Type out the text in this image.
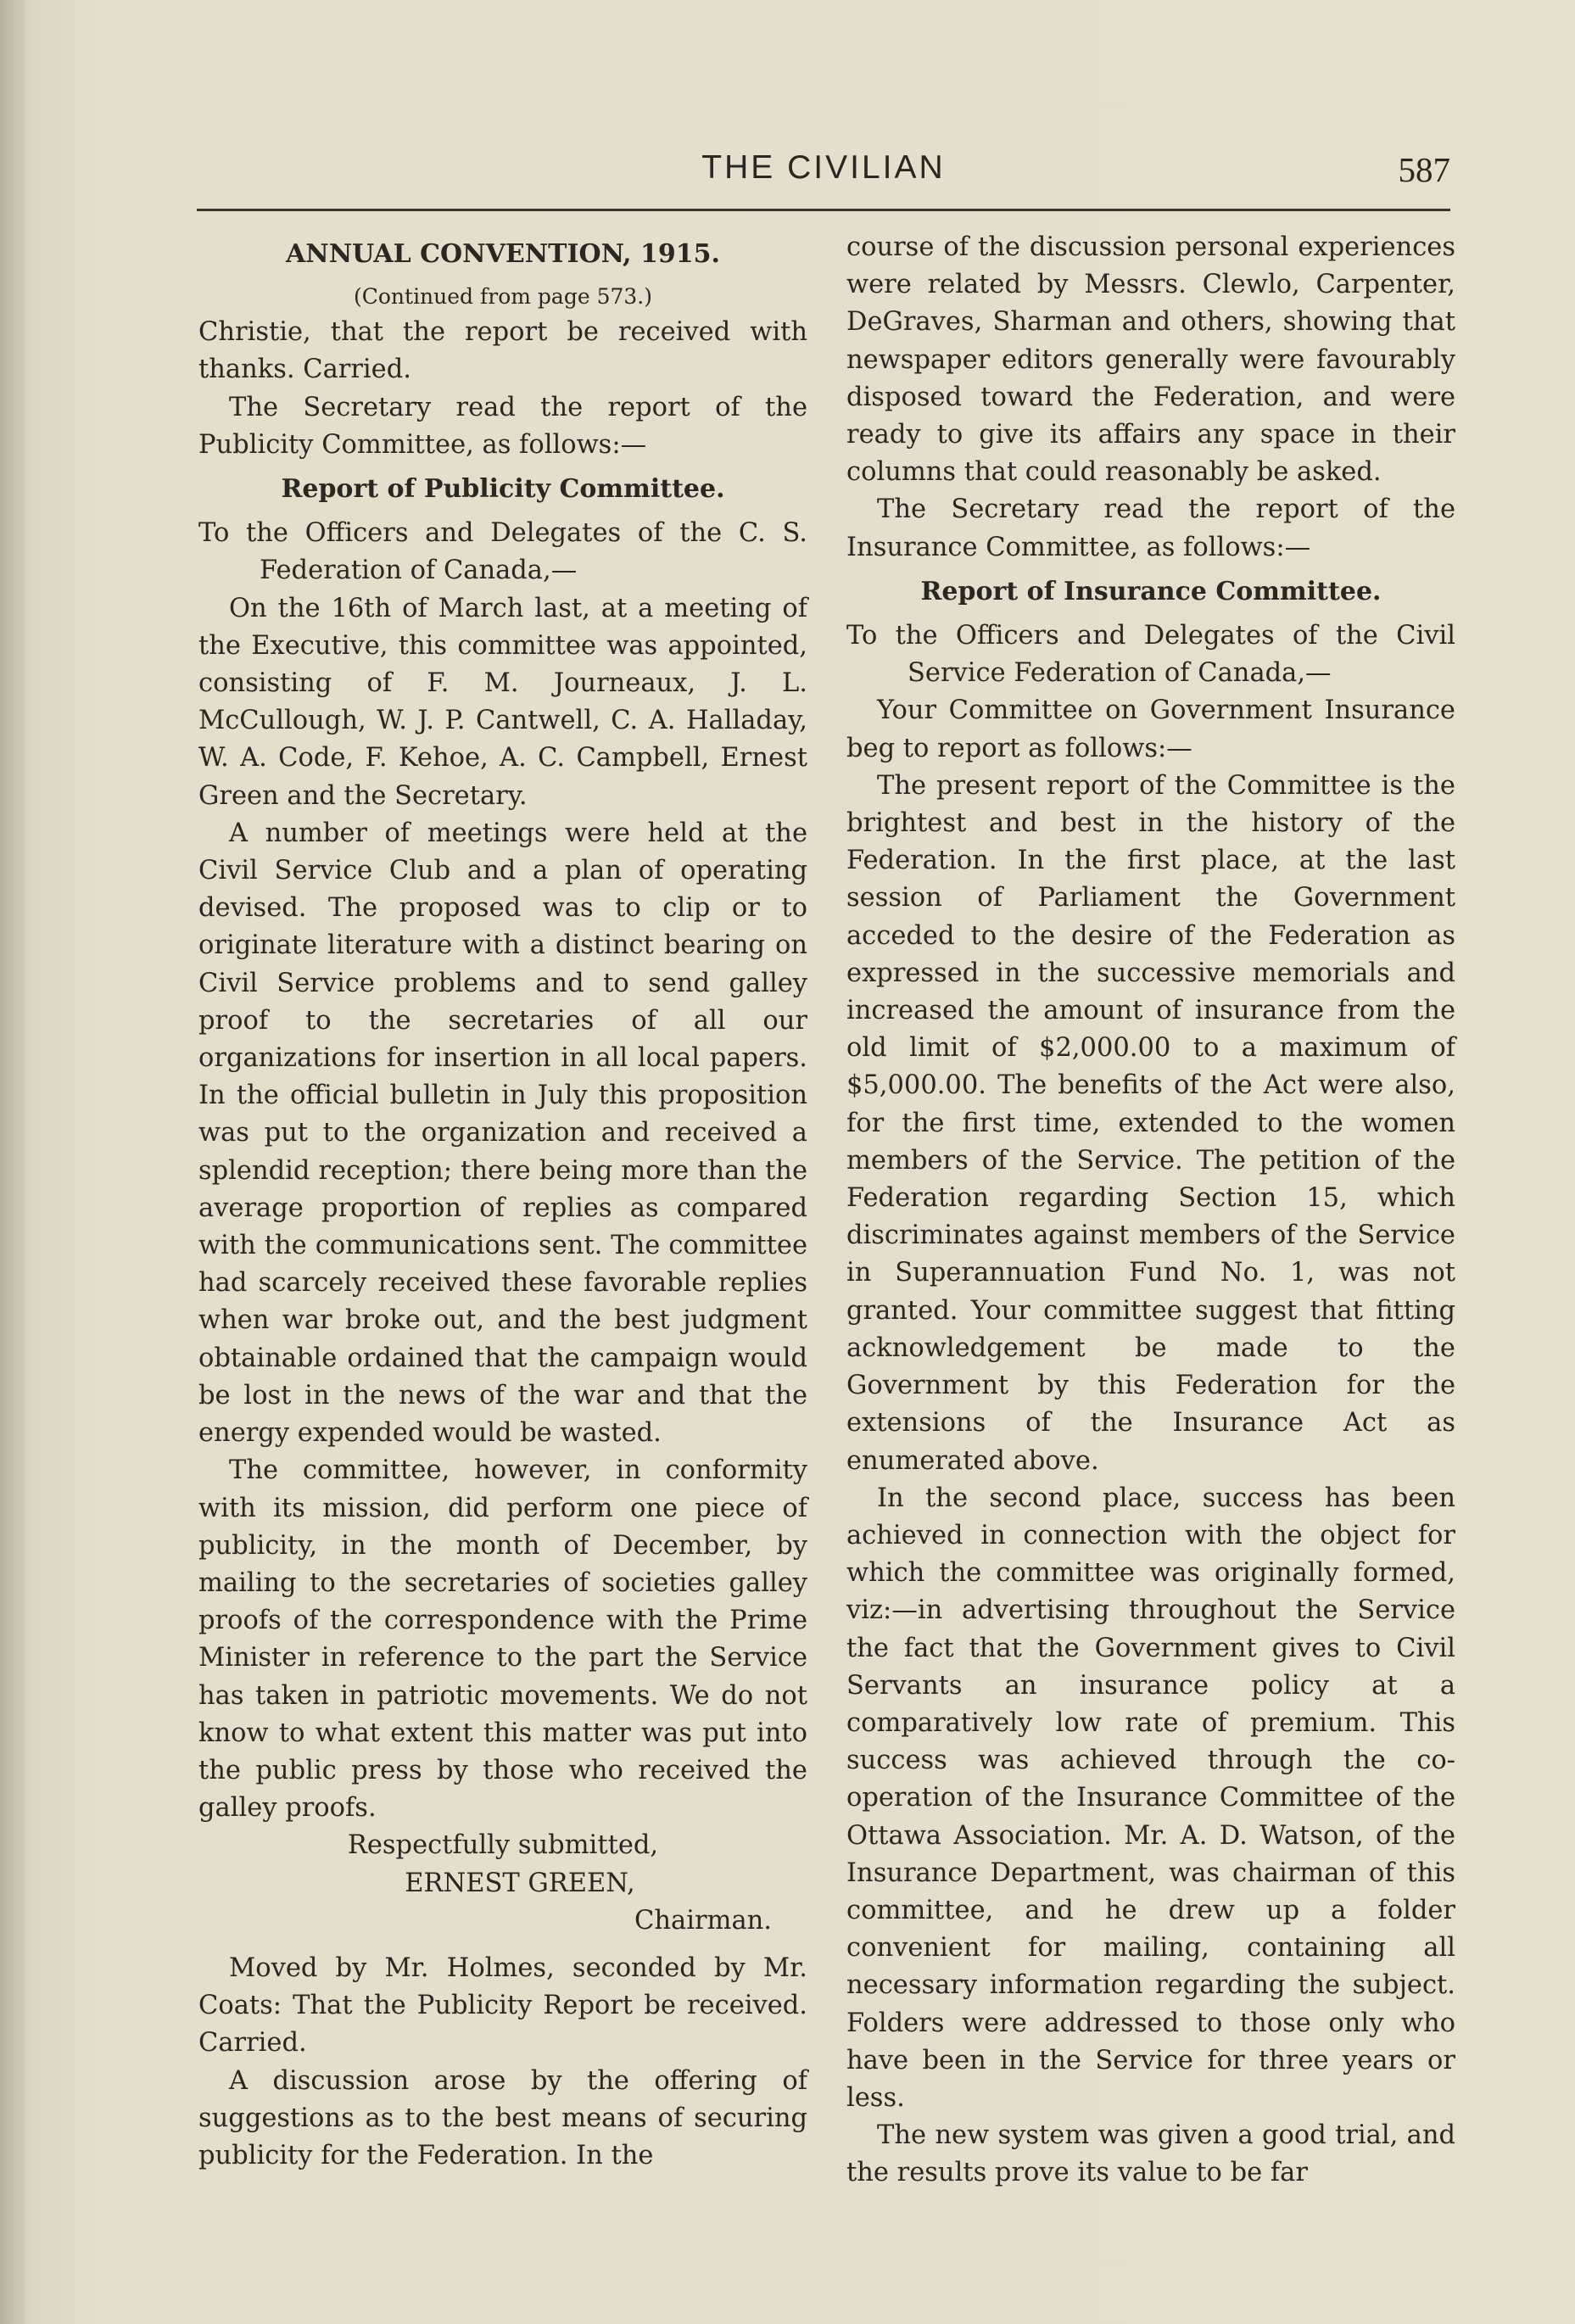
THE CIVILIAN	587

ANNUAL CONVENTION, 1915.

(Continued from page 573.)

Christie, that the report be received with thanks. Carried.

The Secretary read the report of the Publicity Committee, as follows:—

Report of Publicity Committee.

To the Officers and Delegates of the C. S. Federation of Canada,—

On the 16th of March last, at a meeting of the Executive, this committee was appointed, consisting of F. M. Journeaux, J. L. McCullough, W. J. P. Cantwell, C. A. Halladay, W. A. Code, F. Kehoe, A. C. Campbell, Ernest Green and the Secretary.

A number of meetings were held at the Civil Service Club and a plan of operating devised. The proposed was to clip or to originate literature with a distinct bearing on Civil Service problems and to send galley proof to the secretaries of all our organizations for insertion in all local papers. In the official bulletin in July this proposition was put to the organization and received a splendid reception; there being more than the average proportion of replies as compared with the communications sent. The committee had scarcely received these favorable replies when war broke out, and the best judgment obtainable ordained that the campaign would be lost in the news of the war and that the energy expended would be wasted.

The committee, however, in conformity with its mission, did perform one piece of publicity, in the month of December, by mailing to the secretaries of societies galley proofs of the correspondence with the Prime Minister in reference to the part the Service has taken in patriotic movements. We do not know to what extent this matter was put into the public press by those who received the galley proofs.

Respectfully submitted,

ERNEST GREEN,

Chairman.

Moved by Mr. Holmes, seconded by Mr. Coats: That the Publicity Report be received. Carried.

A discussion arose by the offering of suggestions as to the best means of securing publicity for the Federation. In the

course of the discussion personal experiences were related by Messrs. Clewlo, Carpenter, DeGraves, Sharman and others, showing that newspaper editors generally were favourably disposed toward the Federation, and were ready to give its affairs any space in their columns that could reasonably be asked.

The Secretary read the report of the Insurance Committee, as follows:—

Report of Insurance Committee.

To the Officers and Delegates of the Civil Service Federation of Canada,—

Your Committee on Government Insurance beg to report as follows:—

The present report of the Committee is the brightest and best in the history of the Federation. In the first place, at the last session of Parliament the Government acceded to the desire of the Federation as expressed in the successive memorials and increased the amount of insurance from the old limit of $2,000.00 to a maximum of $5,000.00. The benefits of the Act were also, for the first time, extended to the women members of the Service. The petition of the Federation regarding Section 15, which discriminates against members of the Service in Superannuation Fund No. 1, was not granted. Your committee suggest that fitting acknowledgement be made to the Government by this Federation for the extensions of the Insurance Act as enumerated above.

In the second place, success has been achieved in connection with the object for which the committee was originally formed, viz:—in advertising throughout the Service the fact that the Government gives to Civil Servants an insurance policy at a comparatively low rate of premium. This success was achieved through the co-operation of the Insurance Committee of the Ottawa Association. Mr. A. D. Watson, of the Insurance Department, was chairman of this committee, and he drew up a folder convenient for mailing, containing all necessary information regarding the subject. Folders were addressed to those only who have been in the Service for three years or less.

The new system was given a good trial, and the results prove its value to be far
